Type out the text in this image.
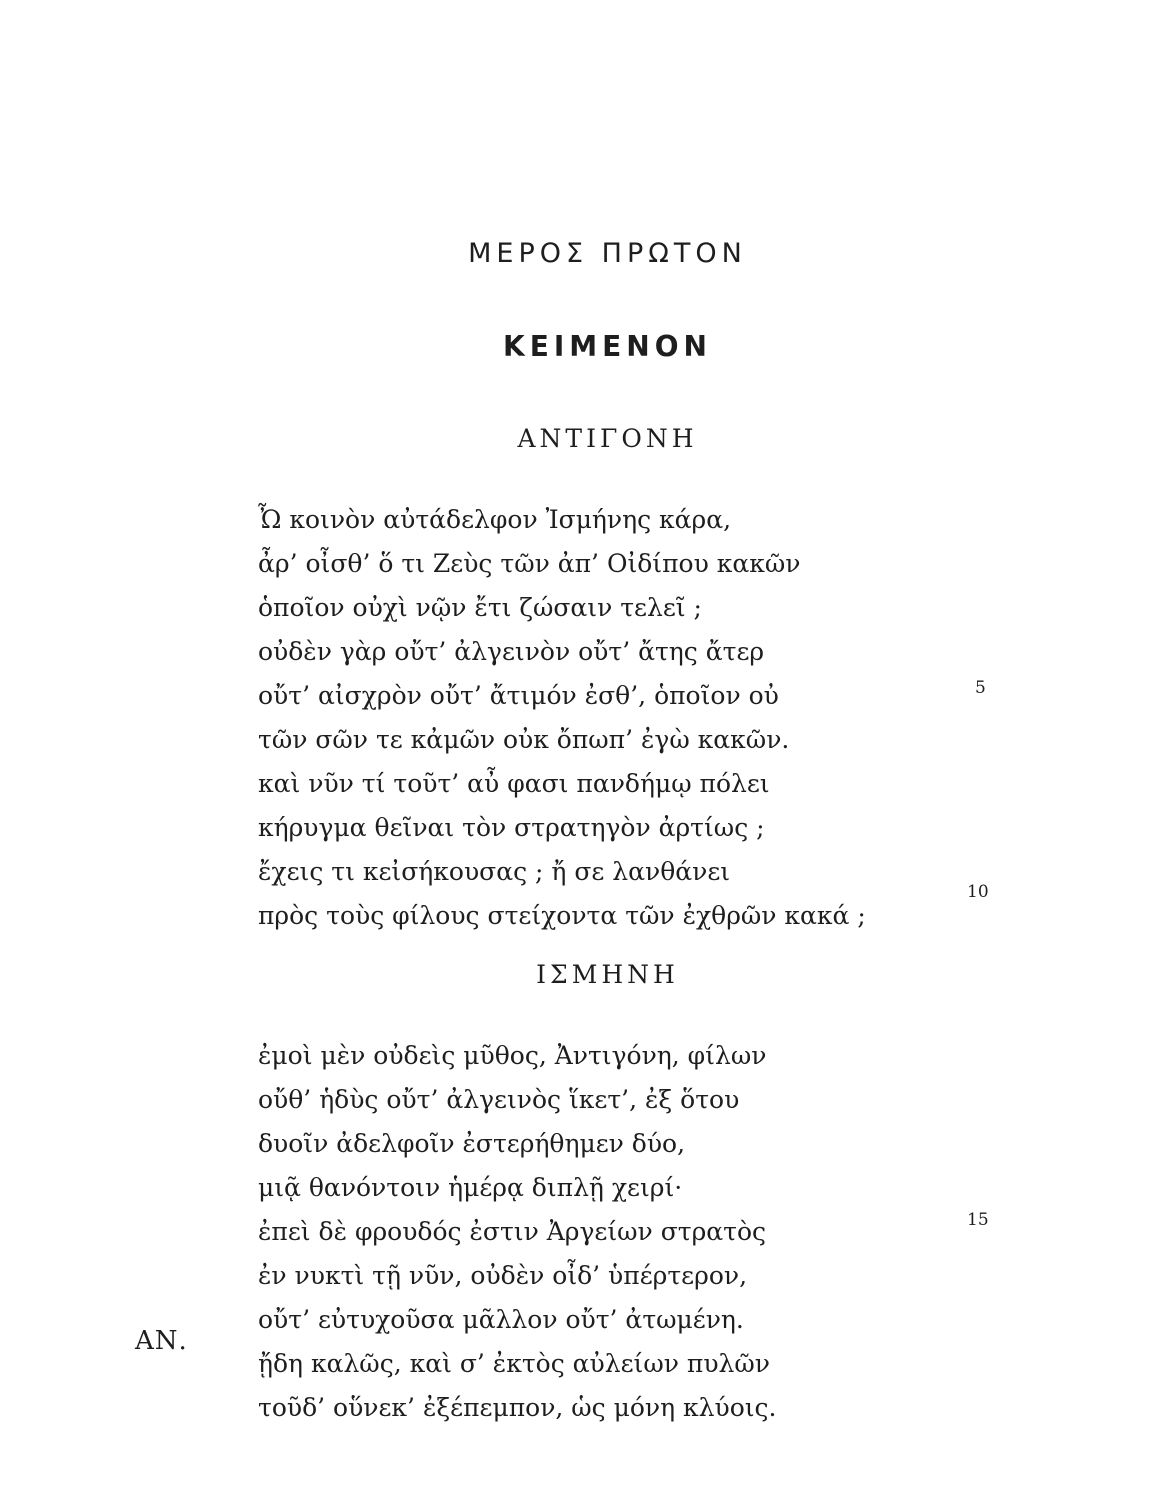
ΜΕΡΟΣ ΠΡΩΤΟΝ
ΚΕΙΜΕΝΟΝ
ΑΝΤΙΓΟΝΗ
Ὦ κοινὸν αὐτάδελφον Ἰσμήνης κάρα,
ἆρ’ οἶσθ’ ὅ τι Ζεὺς τῶν ἀπ’ Οἰδίπου κακῶν
ὁποῖον οὐχὶ νῷν ἔτι ζώσαιν τελεῖ ;
οὐδὲν γὰρ οὔτ’ ἀλγεινὸν οὔτ’ ἄτης ἄτερ
οὔτ’ αἰσχρὸν οὔτ’ ἄτιμόν ἐσθ’, ὁποῖον οὐ
τῶν σῶν τε κἀμῶν οὐκ ὄπωπ’ ἐγὼ κακῶν.
καὶ νῦν τί τοῦτ’ αὖ φασι πανδήμῳ πόλει
κήρυγμα θεῖναι τὸν στρατηγὸν ἀρτίως ;
ἔχεις τι κεἰσήκουσας ; ἤ σε λανθάνει
πρὸς τοὺς φίλους στείχοντα τῶν ἐχθρῶν κακά ;
ΙΣΜΗΝΗ
ἐμοὶ μὲν οὐδεὶς μῦθος, Ἀντιγόνη, φίλων
οὔθ’ ἡδὺς οὔτ’ ἀλγεινὸς ἵκετ’, ἐξ ὅτου
δυοῖν ἀδελφοῖν ἐστερήθημεν δύο,
μιᾷ θανόντοιν ἡμέρᾳ διπλῇ χειρί·
ἐπεὶ δὲ φρουδός ἐστιν Ἀργείων στρατὸς
ἐν νυκτὶ τῇ νῦν, οὐδὲν οἶδ’ ὑπέρτερον,
οὔτ’ εὐτυχοῦσα μᾶλλον οὔτ’ ἀτωμένη.
ᾔδη καλῶς, καὶ σ’ ἐκτὸς αὐλείων πυλῶν
τοῦδ’ οὕνεκ’ ἐξέπεμπον, ὡς μόνη κλύοις.
ΑΝ.
5
10
15
